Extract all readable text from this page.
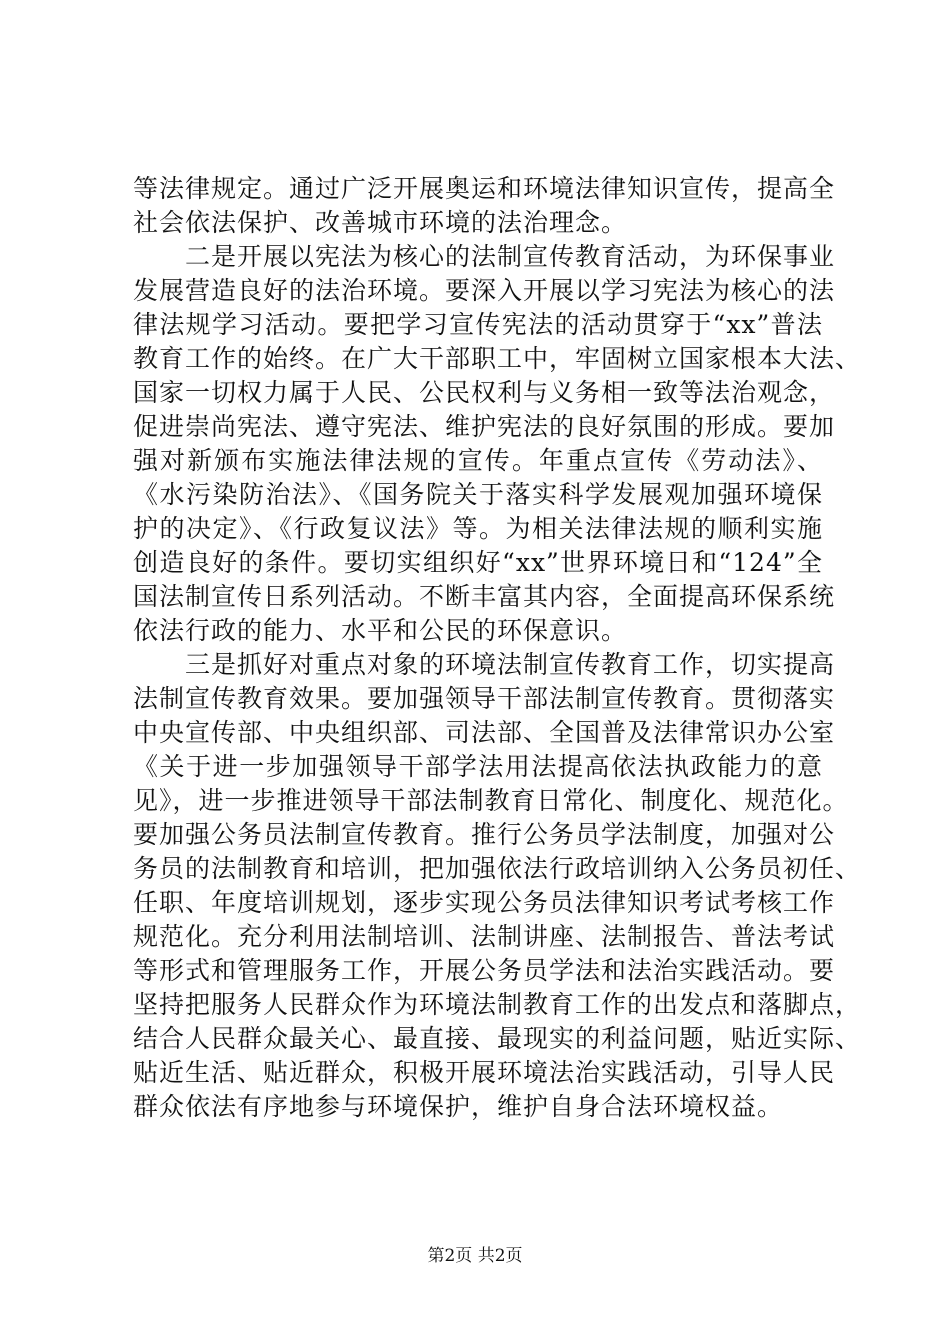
等法律规定。通过广泛开展奥运和环境法律知识宣传，提高全
社会依法保护、改善城市环境的法治理念。
　　二是开展以宪法为核心的法制宣传教育活动，为环保事业
发展营造良好的法治环境。要深入开展以学习宪法为核心的法
律法规学习活动。要把学习宣传宪法的活动贯穿于“xx”普法
教育工作的始终。在广大干部职工中，牢固树立国家根本大法、
国家一切权力属于人民、公民权利与义务相一致等法治观念，
促进崇尚宪法、遵守宪法、维护宪法的良好氛围的形成。要加
强对新颁布实施法律法规的宣传。年重点宣传《劳动法》、
《水污染防治法》、《国务院关于落实科学发展观加强环境保
护的决定》、《行政复议法》等。为相关法律法规的顺利实施
创造良好的条件。要切实组织好“xx”世界环境日和“124”全
国法制宣传日系列活动。不断丰富其内容，全面提高环保系统
依法行政的能力、水平和公民的环保意识。
　　三是抓好对重点对象的环境法制宣传教育工作，切实提高
法制宣传教育效果。要加强领导干部法制宣传教育。贯彻落实
中央宣传部、中央组织部、司法部、全国普及法律常识办公室
《关于进一步加强领导干部学法用法提高依法执政能力的意
见》，进一步推进领导干部法制教育日常化、制度化、规范化。
要加强公务员法制宣传教育。推行公务员学法制度，加强对公
务员的法制教育和培训，把加强依法行政培训纳入公务员初任、
任职、年度培训规划，逐步实现公务员法律知识考试考核工作
规范化。充分利用法制培训、法制讲座、法制报告、普法考试
等形式和管理服务工作，开展公务员学法和法治实践活动。要
坚持把服务人民群众作为环境法制教育工作的出发点和落脚点，
结合人民群众最关心、最直接、最现实的利益问题，贴近实际、
贴近生活、贴近群众，积极开展环境法治实践活动，引导人民
群众依法有序地参与环境保护，维护自身合法环境权益。
第2页 共2页
